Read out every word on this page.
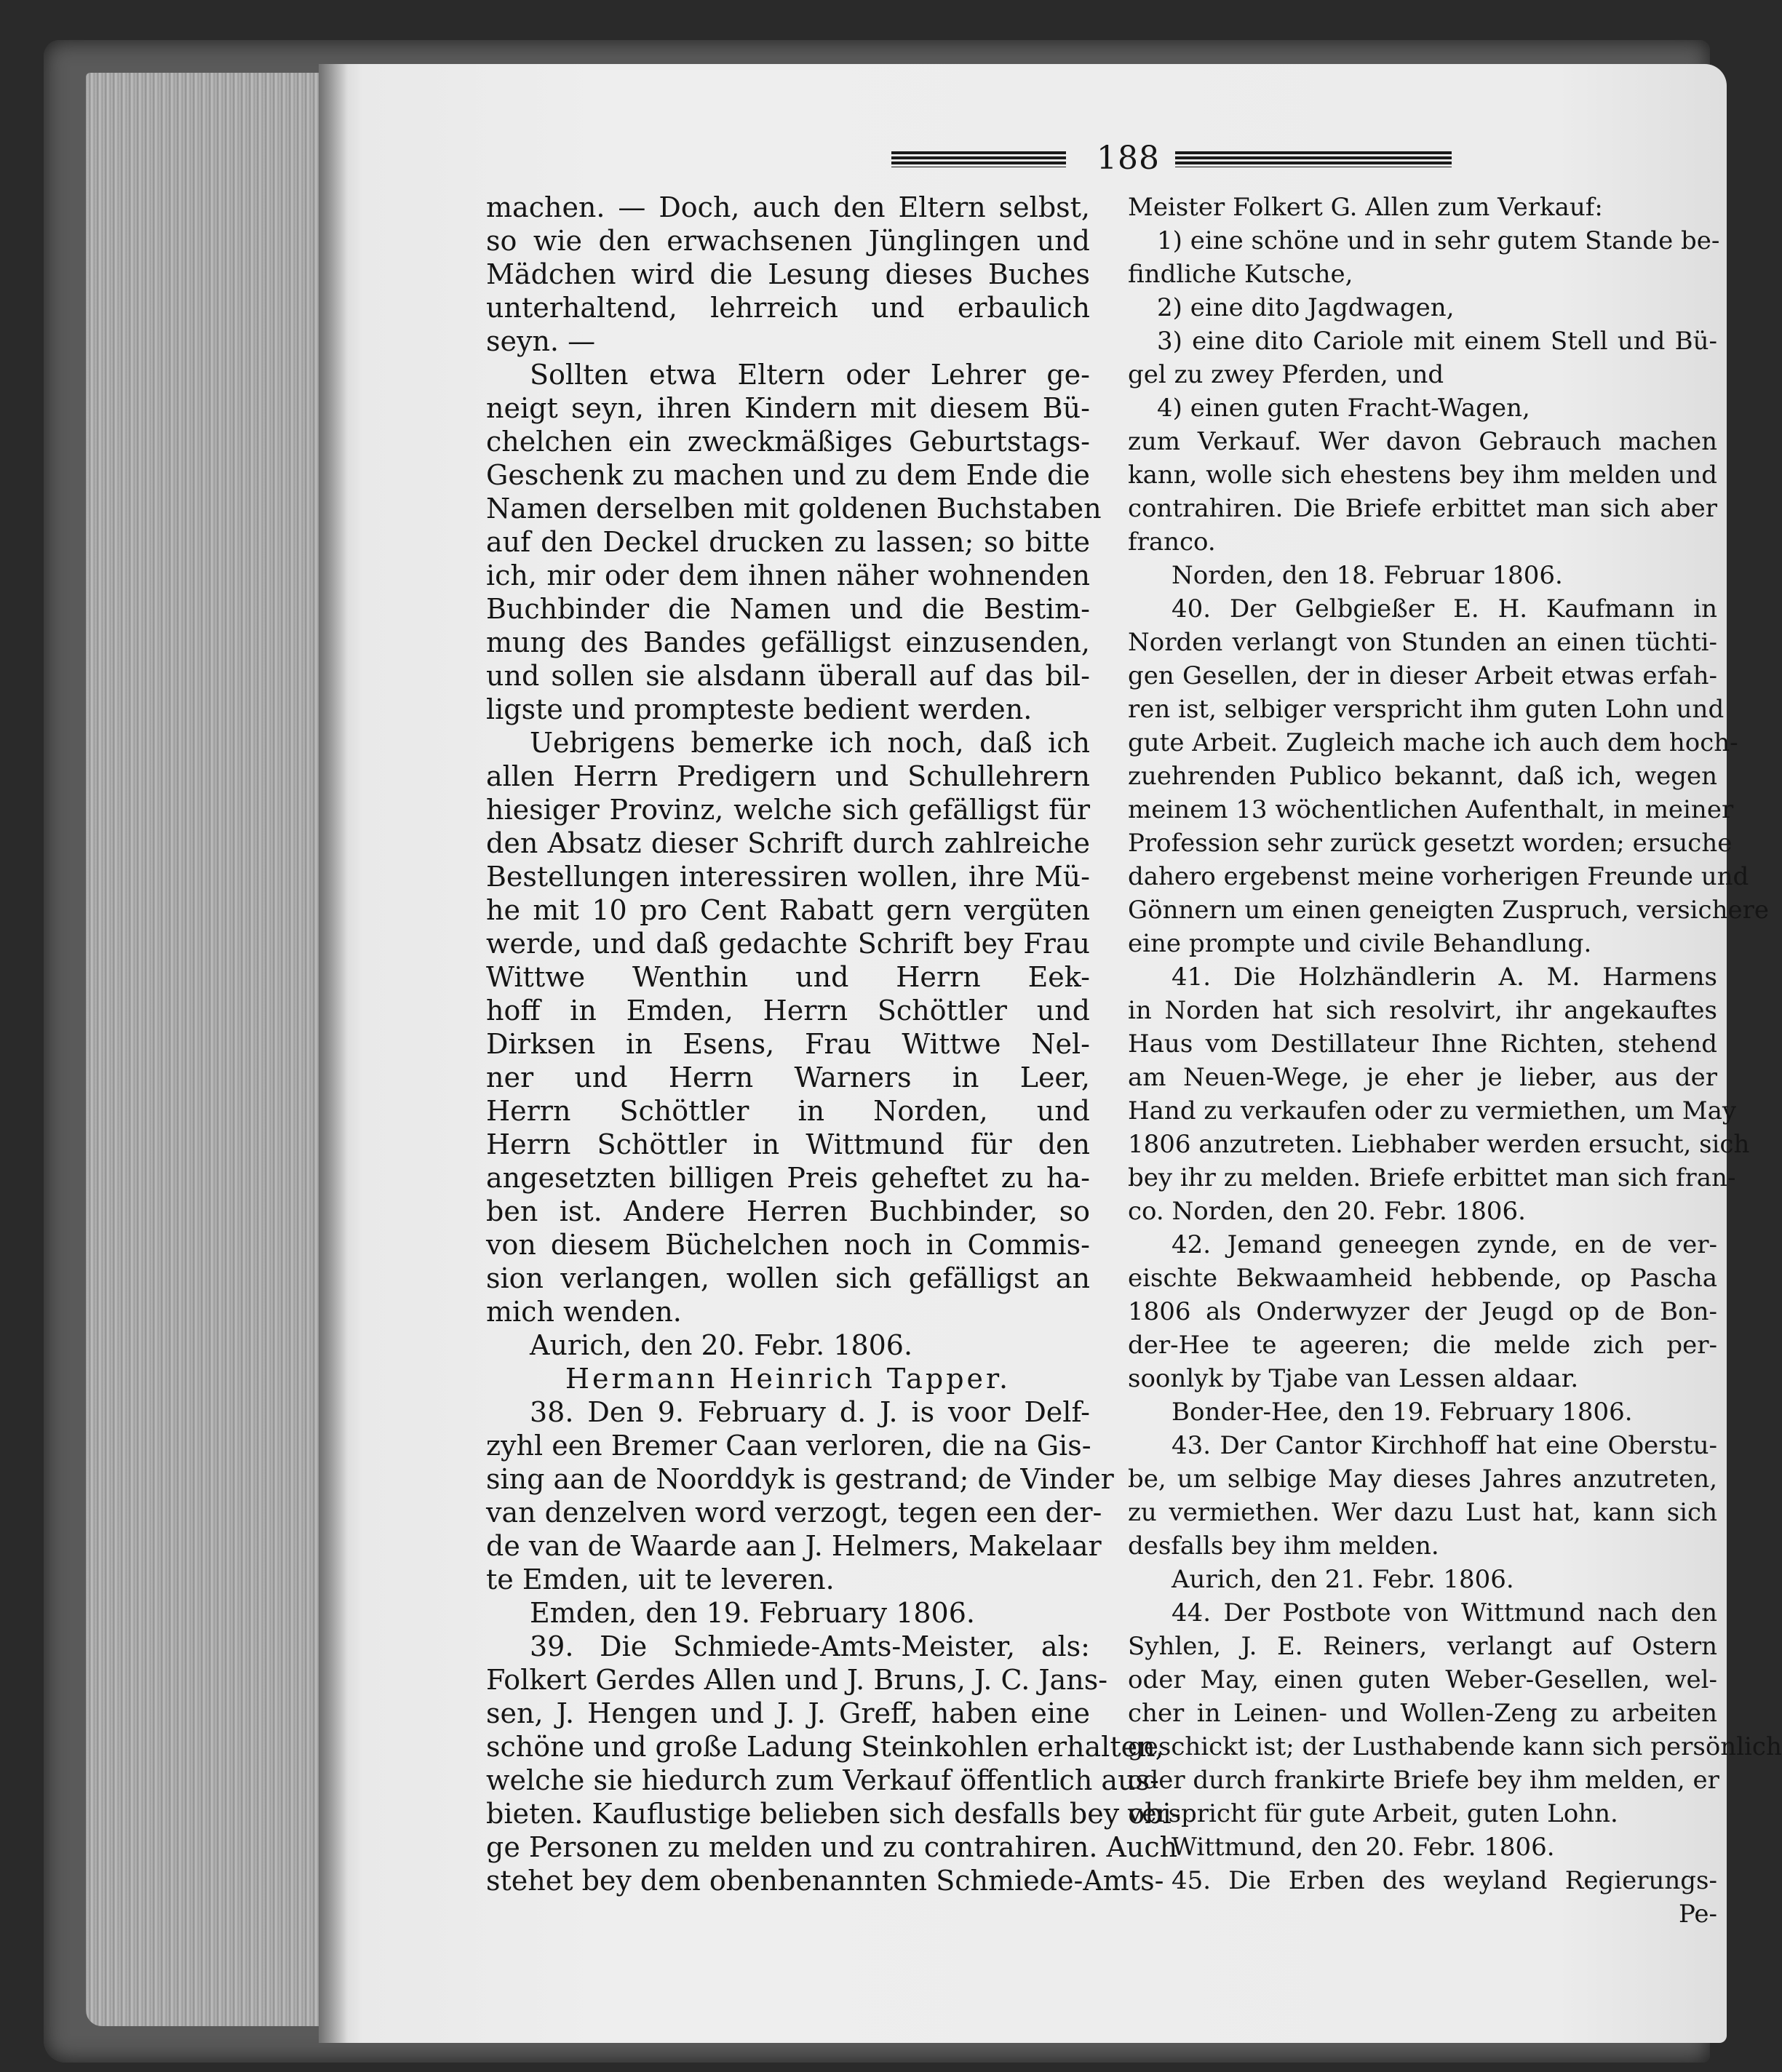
188
machen. — Doch, auch den Eltern selbst,
so wie den erwachsenen Jünglingen und
Mädchen wird die Lesung dieses Buches
unterhaltend, lehrreich und erbaulich
seyn. —
Sollten etwa Eltern oder Lehrer ge-
neigt seyn, ihren Kindern mit diesem Bü-
chelchen ein zweckmäßiges Geburtstags-
Geschenk zu machen und zu dem Ende die
Namen derselben mit goldenen Buchstaben
auf den Deckel drucken zu lassen; so bitte
ich, mir oder dem ihnen näher wohnenden
Buchbinder die Namen und die Bestim-
mung des Bandes gefälligst einzusenden,
und sollen sie alsdann überall auf das bil-
ligste und prompteste bedient werden.
Uebrigens bemerke ich noch, daß ich
allen Herrn Predigern und Schullehrern
hiesiger Provinz, welche sich gefälligst für
den Absatz dieser Schrift durch zahlreiche
Bestellungen interessiren wollen, ihre Mü-
he mit 10 pro Cent Rabatt gern vergüten
werde, und daß gedachte Schrift bey Frau
Wittwe Wenthin und Herrn Eek-
hoff in Emden, Herrn Schöttler und
Dirksen in Esens, Frau Wittwe Nel-
ner und Herrn Warners in Leer,
Herrn Schöttler in Norden, und
Herrn Schöttler in Wittmund für den
angesetzten billigen Preis geheftet zu ha-
ben ist. Andere Herren Buchbinder, so
von diesem Büchelchen noch in Commis-
sion verlangen, wollen sich gefälligst an
mich wenden.
Aurich, den 20. Febr. 1806.
Hermann Heinrich Tapper.
38. Den 9. February d. J. is voor Delf-
zyhl een Bremer Caan verloren, die na Gis-
sing aan de Noorddyk is gestrand; de Vinder
van denzelven word verzogt, tegen een der-
de van de Waarde aan J. Helmers, Makelaar
te Emden, uit te leveren.
Emden, den 19. February 1806.
39. Die Schmiede-Amts-Meister, als:
Folkert Gerdes Allen und J. Bruns, J. C. Jans-
sen, J. Hengen und J. J. Greff, haben eine
schöne und große Ladung Steinkohlen erhalten,
welche sie hiedurch zum Verkauf öffentlich aus-
bieten. Kauflustige belieben sich desfalls bey obi-
ge Personen zu melden und zu contrahiren. Auch
stehet bey dem obenbenannten Schmiede-Amts-
Meister Folkert G. Allen zum Verkauf:
1) eine schöne und in sehr gutem Stande be-
findliche Kutsche,
2) eine dito Jagdwagen,
3) eine dito Cariole mit einem Stell und Bü-
gel zu zwey Pferden, und
4) einen guten Fracht-Wagen,
zum Verkauf. Wer davon Gebrauch machen
kann, wolle sich ehestens bey ihm melden und
contrahiren. Die Briefe erbittet man sich aber
franco.
Norden, den 18. Februar 1806.
40. Der Gelbgießer E. H. Kaufmann in
Norden verlangt von Stunden an einen tüchti-
gen Gesellen, der in dieser Arbeit etwas erfah-
ren ist, selbiger verspricht ihm guten Lohn und
gute Arbeit. Zugleich mache ich auch dem hoch-
zuehrenden Publico bekannt, daß ich, wegen
meinem 13 wöchentlichen Aufenthalt, in meiner
Profession sehr zurück gesetzt worden; ersuche
dahero ergebenst meine vorherigen Freunde und
Gönnern um einen geneigten Zuspruch, versichere
eine prompte und civile Behandlung.
41. Die Holzhändlerin A. M. Harmens
in Norden hat sich resolvirt, ihr angekauftes
Haus vom Destillateur Ihne Richten, stehend
am Neuen-Wege, je eher je lieber, aus der
Hand zu verkaufen oder zu vermiethen, um May
1806 anzutreten. Liebhaber werden ersucht, sich
bey ihr zu melden. Briefe erbittet man sich fran-
co. Norden, den 20. Febr. 1806.
42. Jemand geneegen zynde, en de ver-
eischte Bekwaamheid hebbende, op Pascha
1806 als Onderwyzer der Jeugd op de Bon-
der-Hee te ageeren; die melde zich per-
soonlyk by Tjabe van Lessen aldaar.
Bonder-Hee, den 19. February 1806.
43. Der Cantor Kirchhoff hat eine Oberstu-
be, um selbige May dieses Jahres anzutreten,
zu vermiethen. Wer dazu Lust hat, kann sich
desfalls bey ihm melden.
Aurich, den 21. Febr. 1806.
44. Der Postbote von Wittmund nach den
Syhlen, J. E. Reiners, verlangt auf Ostern
oder May, einen guten Weber-Gesellen, wel-
cher in Leinen- und Wollen-Zeng zu arbeiten
geschickt ist; der Lusthabende kann sich persönlich
oder durch frankirte Briefe bey ihm melden, er
verspricht für gute Arbeit, guten Lohn.
Wittmund, den 20. Febr. 1806.
45. Die Erben des weyland Regierungs-
Pe-
